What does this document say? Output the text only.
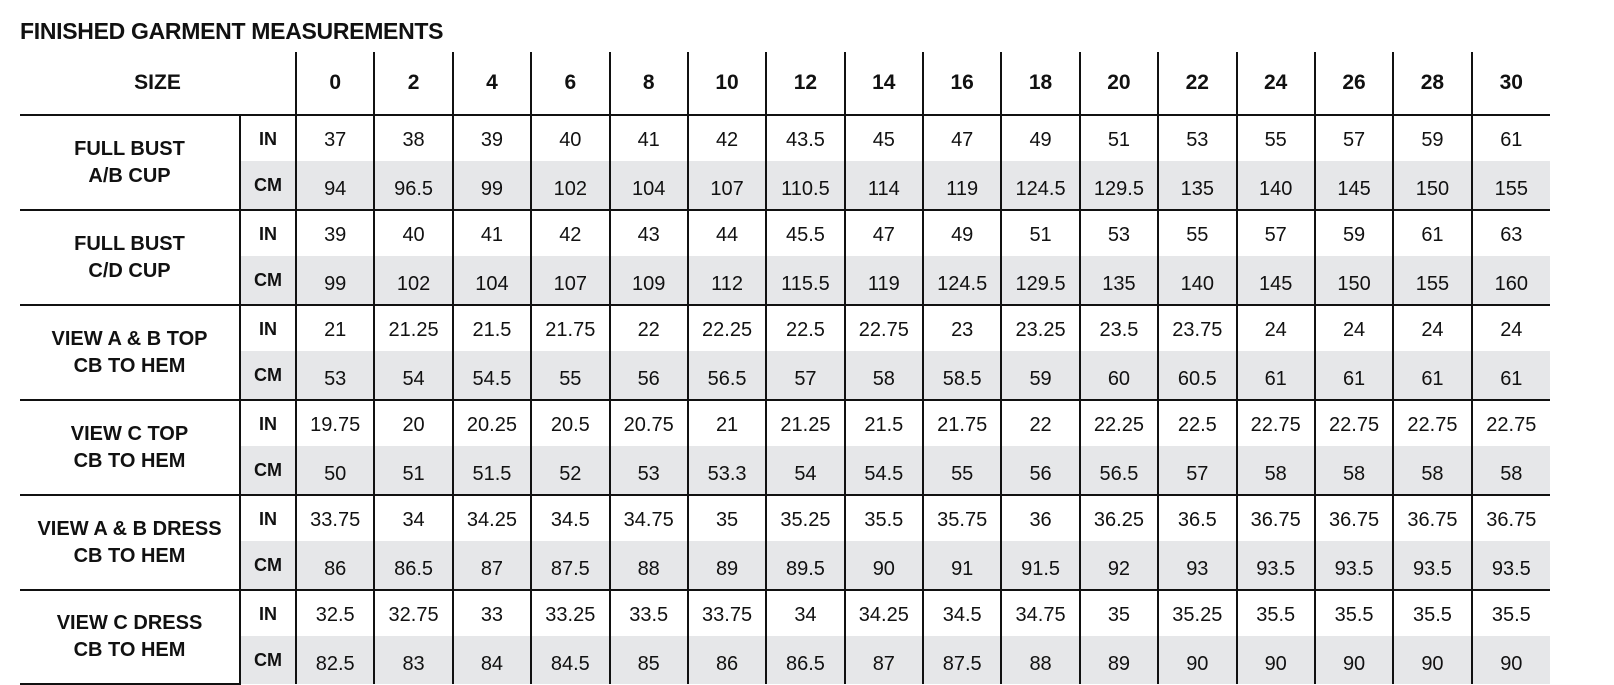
FINISHED GARMENT MEASUREMENTS
SIZE		0	2	4	6	8	10	12	14	16	18	20	22	24	26	28	30

FULL BUST
A/B CUP	IN	37	38	39	40	41	42	43.5	45	47	49	51	53	55	57	59	61
	CM	94	96.5	99	102	104	107	110.5	114	119	124.5	129.5	135	140	145	150	155

FULL BUST
C/D CUP	IN	39	40	41	42	43	44	45.5	47	49	51	53	55	57	59	61	63
	CM	99	102	104	107	109	112	115.5	119	124.5	129.5	135	140	145	150	155	160

VIEW A & B TOP
CB TO HEM	IN	21	21.25	21.5	21.75	22	22.25	22.5	22.75	23	23.25	23.5	23.75	24	24	24	24
	CM	53	54	54.5	55	56	56.5	57	58	58.5	59	60	60.5	61	61	61	61

VIEW C TOP
CB TO HEM	IN	19.75	20	20.25	20.5	20.75	21	21.25	21.5	21.75	22	22.25	22.5	22.75	22.75	22.75	22.75
	CM	50	51	51.5	52	53	53.3	54	54.5	55	56	56.5	57	58	58	58	58

VIEW A & B DRESS
CB TO HEM	IN	33.75	34	34.25	34.5	34.75	35	35.25	35.5	35.75	36	36.25	36.5	36.75	36.75	36.75	36.75
	CM	86	86.5	87	87.5	88	89	89.5	90	91	91.5	92	93	93.5	93.5	93.5	93.5

VIEW C DRESS
CB TO HEM	IN	32.5	32.75	33	33.25	33.5	33.75	34	34.25	34.5	34.75	35	35.25	35.5	35.5	35.5	35.5
	CM	82.5	83	84	84.5	85	86	86.5	87	87.5	88	89	90	90	90	90	90
